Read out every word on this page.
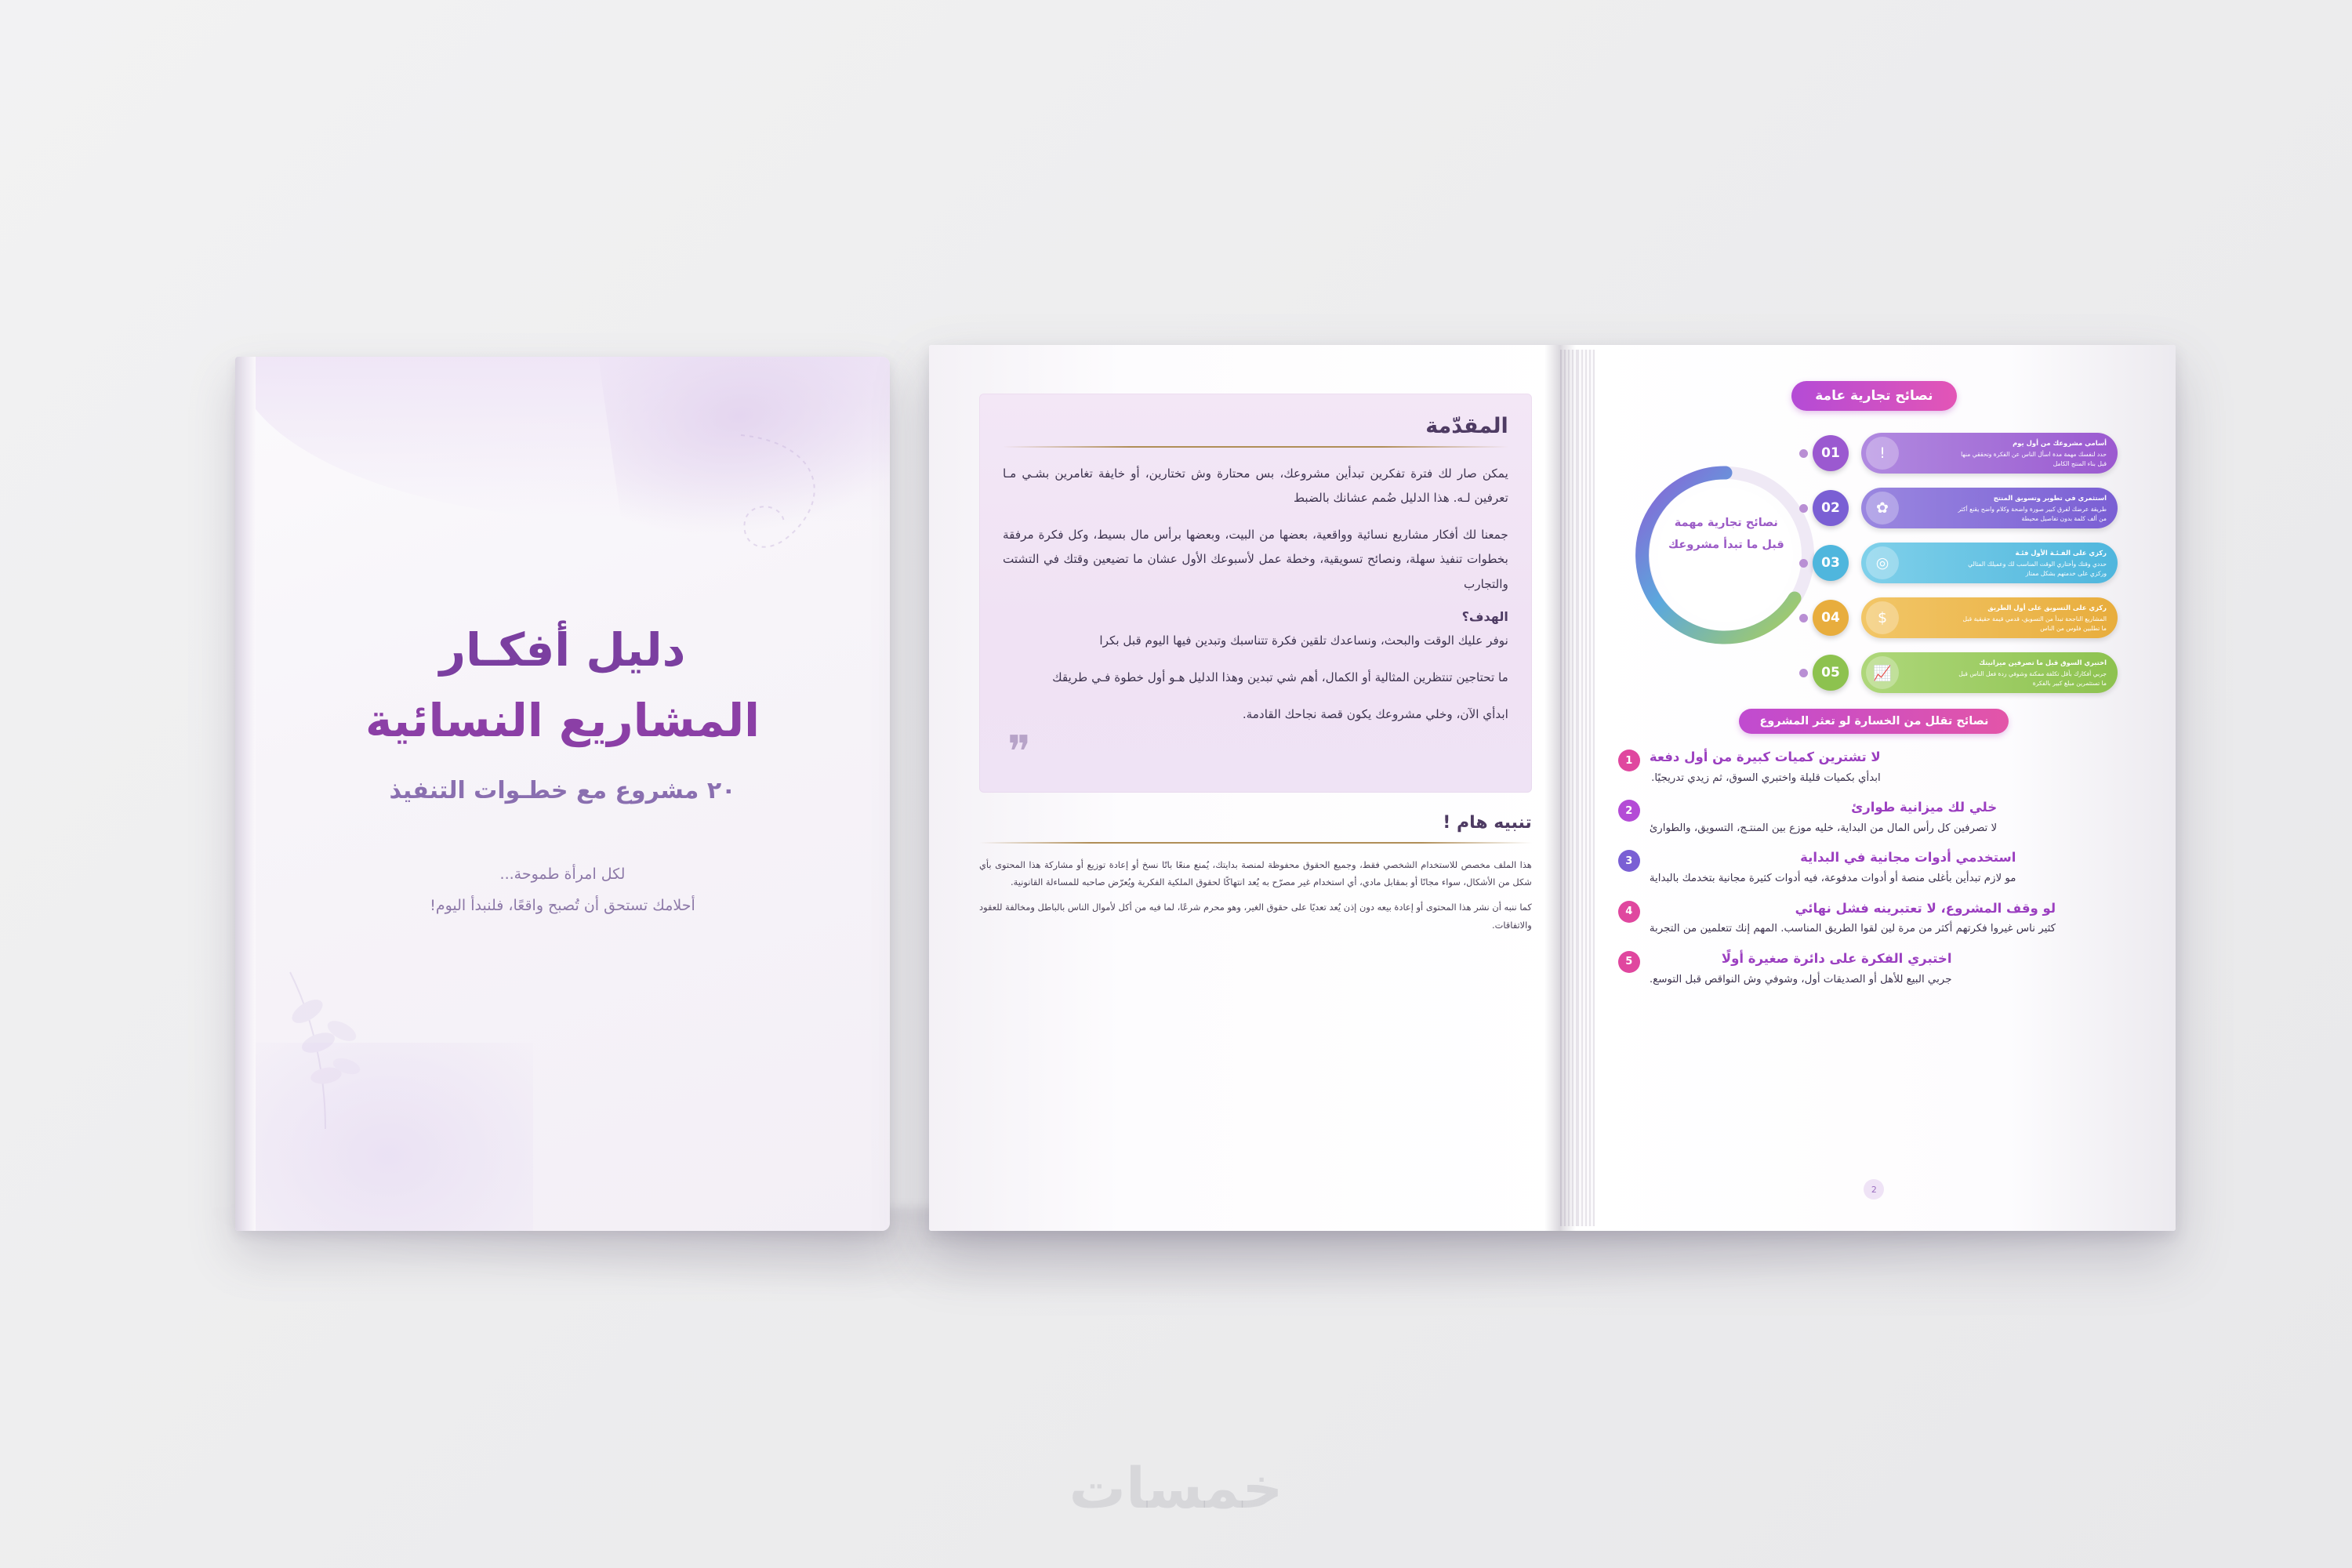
دليل أفكـار
المشاريع النسائية
٢٠ مشروع مع خطـوات التنفيذ
لكل امرأة طموحة...
أحلامك تستحق أن تُصبح واقعًا، فلنبدأ اليوم!
نصائح تجارية عامة
نصائح تجارية مهمة
قبل ما تبدأ مشروعك
!
أسامي مشروعك من أول يوم
حدد لنفسك مهمة مدة اسأل الناس عن الفكرة وتحققي منها قبل بناء المنتج الكامل
01
✿
استثمري في تطوير وتسويق المنتج
طريقة عرضك لفرق كبير صورة واضحة وكلام واضح يقنع أكثر من ألف كلمة بدون تفاصيل محيطة
02
◎
ركزي على الفـئـة الأول فئـة
حددي وقتك وأختاري الوقت المناسب لك وعميلك المثالي وركزي على خدمتهم بشكل ممتاز
03
$
ركزي على التسويق على أول الطريق
المشاريع الناجحة تبدأ من التسويق، قدمي قيمة حقيقية قبل ما تطلبين فلوس من الناس
04
📈
اختبري السوق قبل ما تصرفين ميزانيتك
جربي أفكارك بأقل تكلفة ممكنة وشوفي ردة فعل الناس قبل ما تستثمرين مبلغ كبير بالفكرة
05
نصائح تقلل من الخسارة لو تعثر المشروع
لا تشترين كميات كبيرة من أول دفعة
ابدأي بكميات قليلة واختبري السوق، ثم زيدي تدريجيًا.
1
خلي لك ميزانية طوارئ
لا تصرفين كل رأس المال من البداية، خليه موزع بين المنتـج، التسويق، والطوارئ
2
استخدمي أدوات مجانية في البداية
مو لازم تبدأين بأغلى منصة أو أدوات مدفوعة، فيه أدوات كثيرة مجانية بتخدمك بالبداية
3
لو وقف المشروع، لا تعتبرينه فشل نهائي
كثير ناس غيروا فكرتهم أكثر من مرة لين لقوا الطريق المناسب. المهم إنك تتعلمين من التجربة
4
اختبري الفكرة على دائرة صغيرة أولًا
جربي البيع للأهل أو الصديقات أول، وشوفي وش النواقص قبل التوسع.
5
2
المقدّمة

يمكن صار لك فترة تفكرين تبدأين مشروعك، بس محتارة وش تختارين، أو خايفة تغامرين بشـي مـا تعرفين لـه. هذا الدليل ضُمم عشانك بالضبط

جمعنا لك أفكار مشاريع نسائية وواقعية، بعضها من البيت، وبعضها برأس مال بسيط، وكل فكرة مرفقة بخطوات تنفيذ سهلة، ونصائح تسويقية، وخطة عمل لأسبوعك الأول عشان ما تضيعين وقتك في التشتت والتجارب

الهدف؟

نوفر عليك الوقت والبحث، ونساعدك تلقين فكرة تتناسبك وتبدين فيها اليوم قبل بكرا

ما تحتاجين تنتظرين المثالية أو الكمال، أهم شي تبدين وهذا الدليل هـو أول خطوة فـي طريقك

ابدأي الآن، وخلي مشروعك يكون قصة نجاحك القادمة.

❞
تنبيه هام !

هذا الملف مخصص للاستخدام الشخصي فقط، وجميع الحقوق محفوظة لمنصة بدايتك، يُمنع منعًا باتًا نسخ أو إعادة توزيع أو مشاركة هذا المحتوى بأي شكل من الأشكال، سواء مجانًا أو بمقابل مادي، أي استخدام غير مصرّح به يُعد انتهاكًا لحقوق الملكية الفكرية ويُعرّض صاحبه للمساءلة القانونية.

كما ننبه أن نشر هذا المحتوى أو إعادة بيعه دون إذن يُعد تعديًا على حقوق الغير، وهو محرم شرعًا، لما فيه من أكل لأموال الناس بالباطل ومخالفة للعقود والاتفاقات.

خمسات
